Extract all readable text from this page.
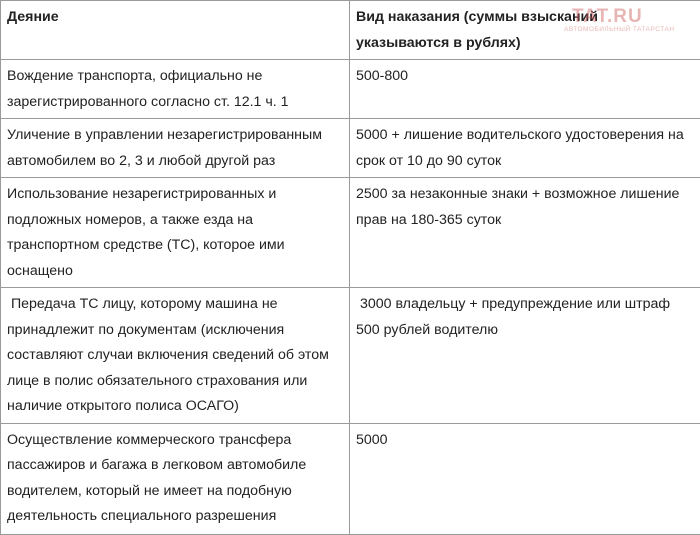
Деяние	Вид наказания (суммы взысканий указываются в рублях)
Вождение транспорта, официально не зарегистрированного согласно ст. 12.1 ч. 1	500-800
Уличение в управлении незарегистрированным автомобилем во 2, 3 и любой другой раз	5000 + лишение водительского удостоверения на срок от 10 до 90 суток
Использование незарегистрированных и подложных номеров, а также езда на транспортном средстве (ТС), которое ими оснащено	2500 за незаконные знаки + возможное лишение прав на 180-365 суток
Передача ТС лицу, которому машина не принадлежит по документам (исключения составляют случаи включения сведений об этом лице в полис обязательного страхования или наличие открытого полиса ОСАГО)	3000 владельцу + предупреждение или штраф 500 рублей водителю
Осуществление коммерческого трансфера пассажиров и багажа в легковом автомобиле водителем, который не имеет на подобную деятельность специального разрешения	5000
TAT.RU
АВТОМОБИЛЬНЫЙ ТАТАРСТАН
